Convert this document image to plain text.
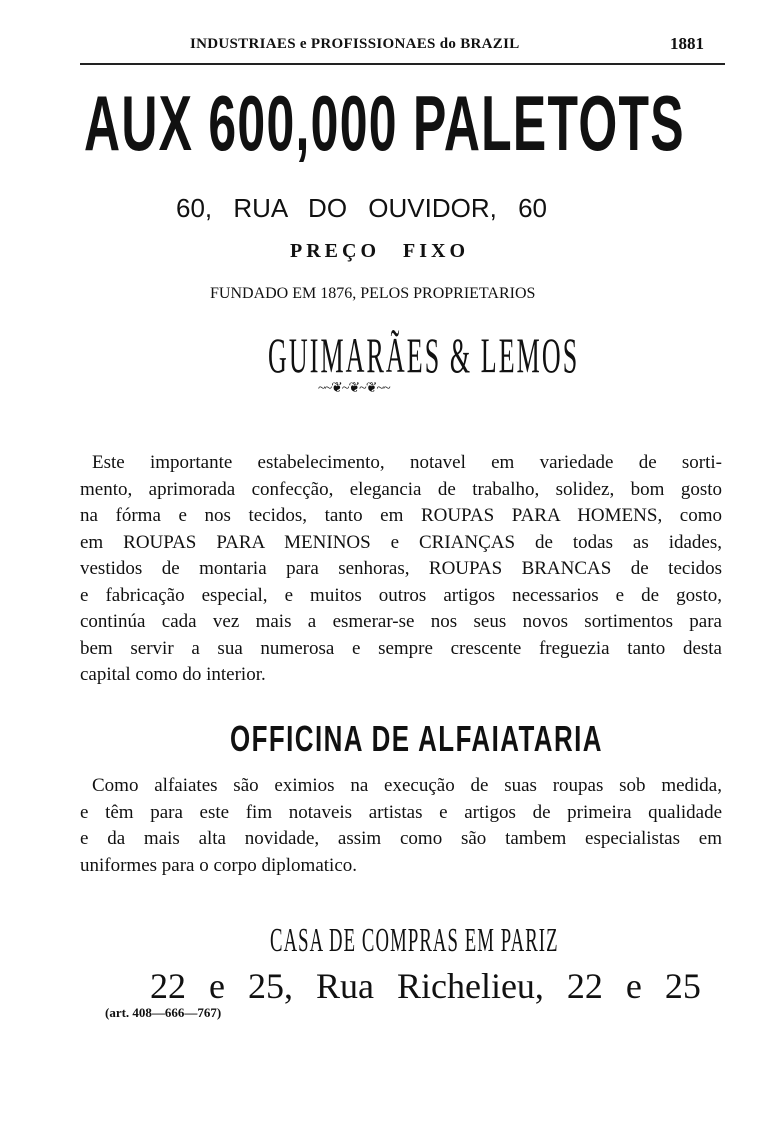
INDUSTRIAES e PROFISSIONAES do BRAZIL	1881
AUX 600,000 PALETOTS
60, RUA DO OUVIDOR, 60
PREÇO FIXO
FUNDADO EM 1876, PELOS PROPRIETARIOS
GUIMARÃES & LEMOS
~~❦~❦~❦~~
Este importante estabelecimento, notavel em variedade de sorti-
mento, aprimorada confecção, elegancia de trabalho, solidez, bom gosto
na fórma e nos tecidos, tanto em ROUPAS PARA HOMENS, como
em ROUPAS PARA MENINOS e CRIANÇAS de todas as idades,
vestidos de montaria para senhoras, ROUPAS BRANCAS de tecidos
e fabricação especial, e muitos outros artigos necessarios e de gosto,
continúa cada vez mais a esmerar-se nos seus novos sortimentos para
bem servir a sua numerosa e sempre crescente freguezia tanto desta
capital como do interior.
OFFICINA DE ALFAIATARIA
Como alfaiates são eximios na execução de suas roupas sob medida,
e têm para este fim notaveis artistas e artigos de primeira qualidade
e da mais alta novidade, assim como são tambem especialistas em
uniformes para o corpo diplomatico.
CASA DE COMPRAS EM PARIZ
22 e 25, Rua Richelieu, 22 e 25
(art. 408—666—767)
